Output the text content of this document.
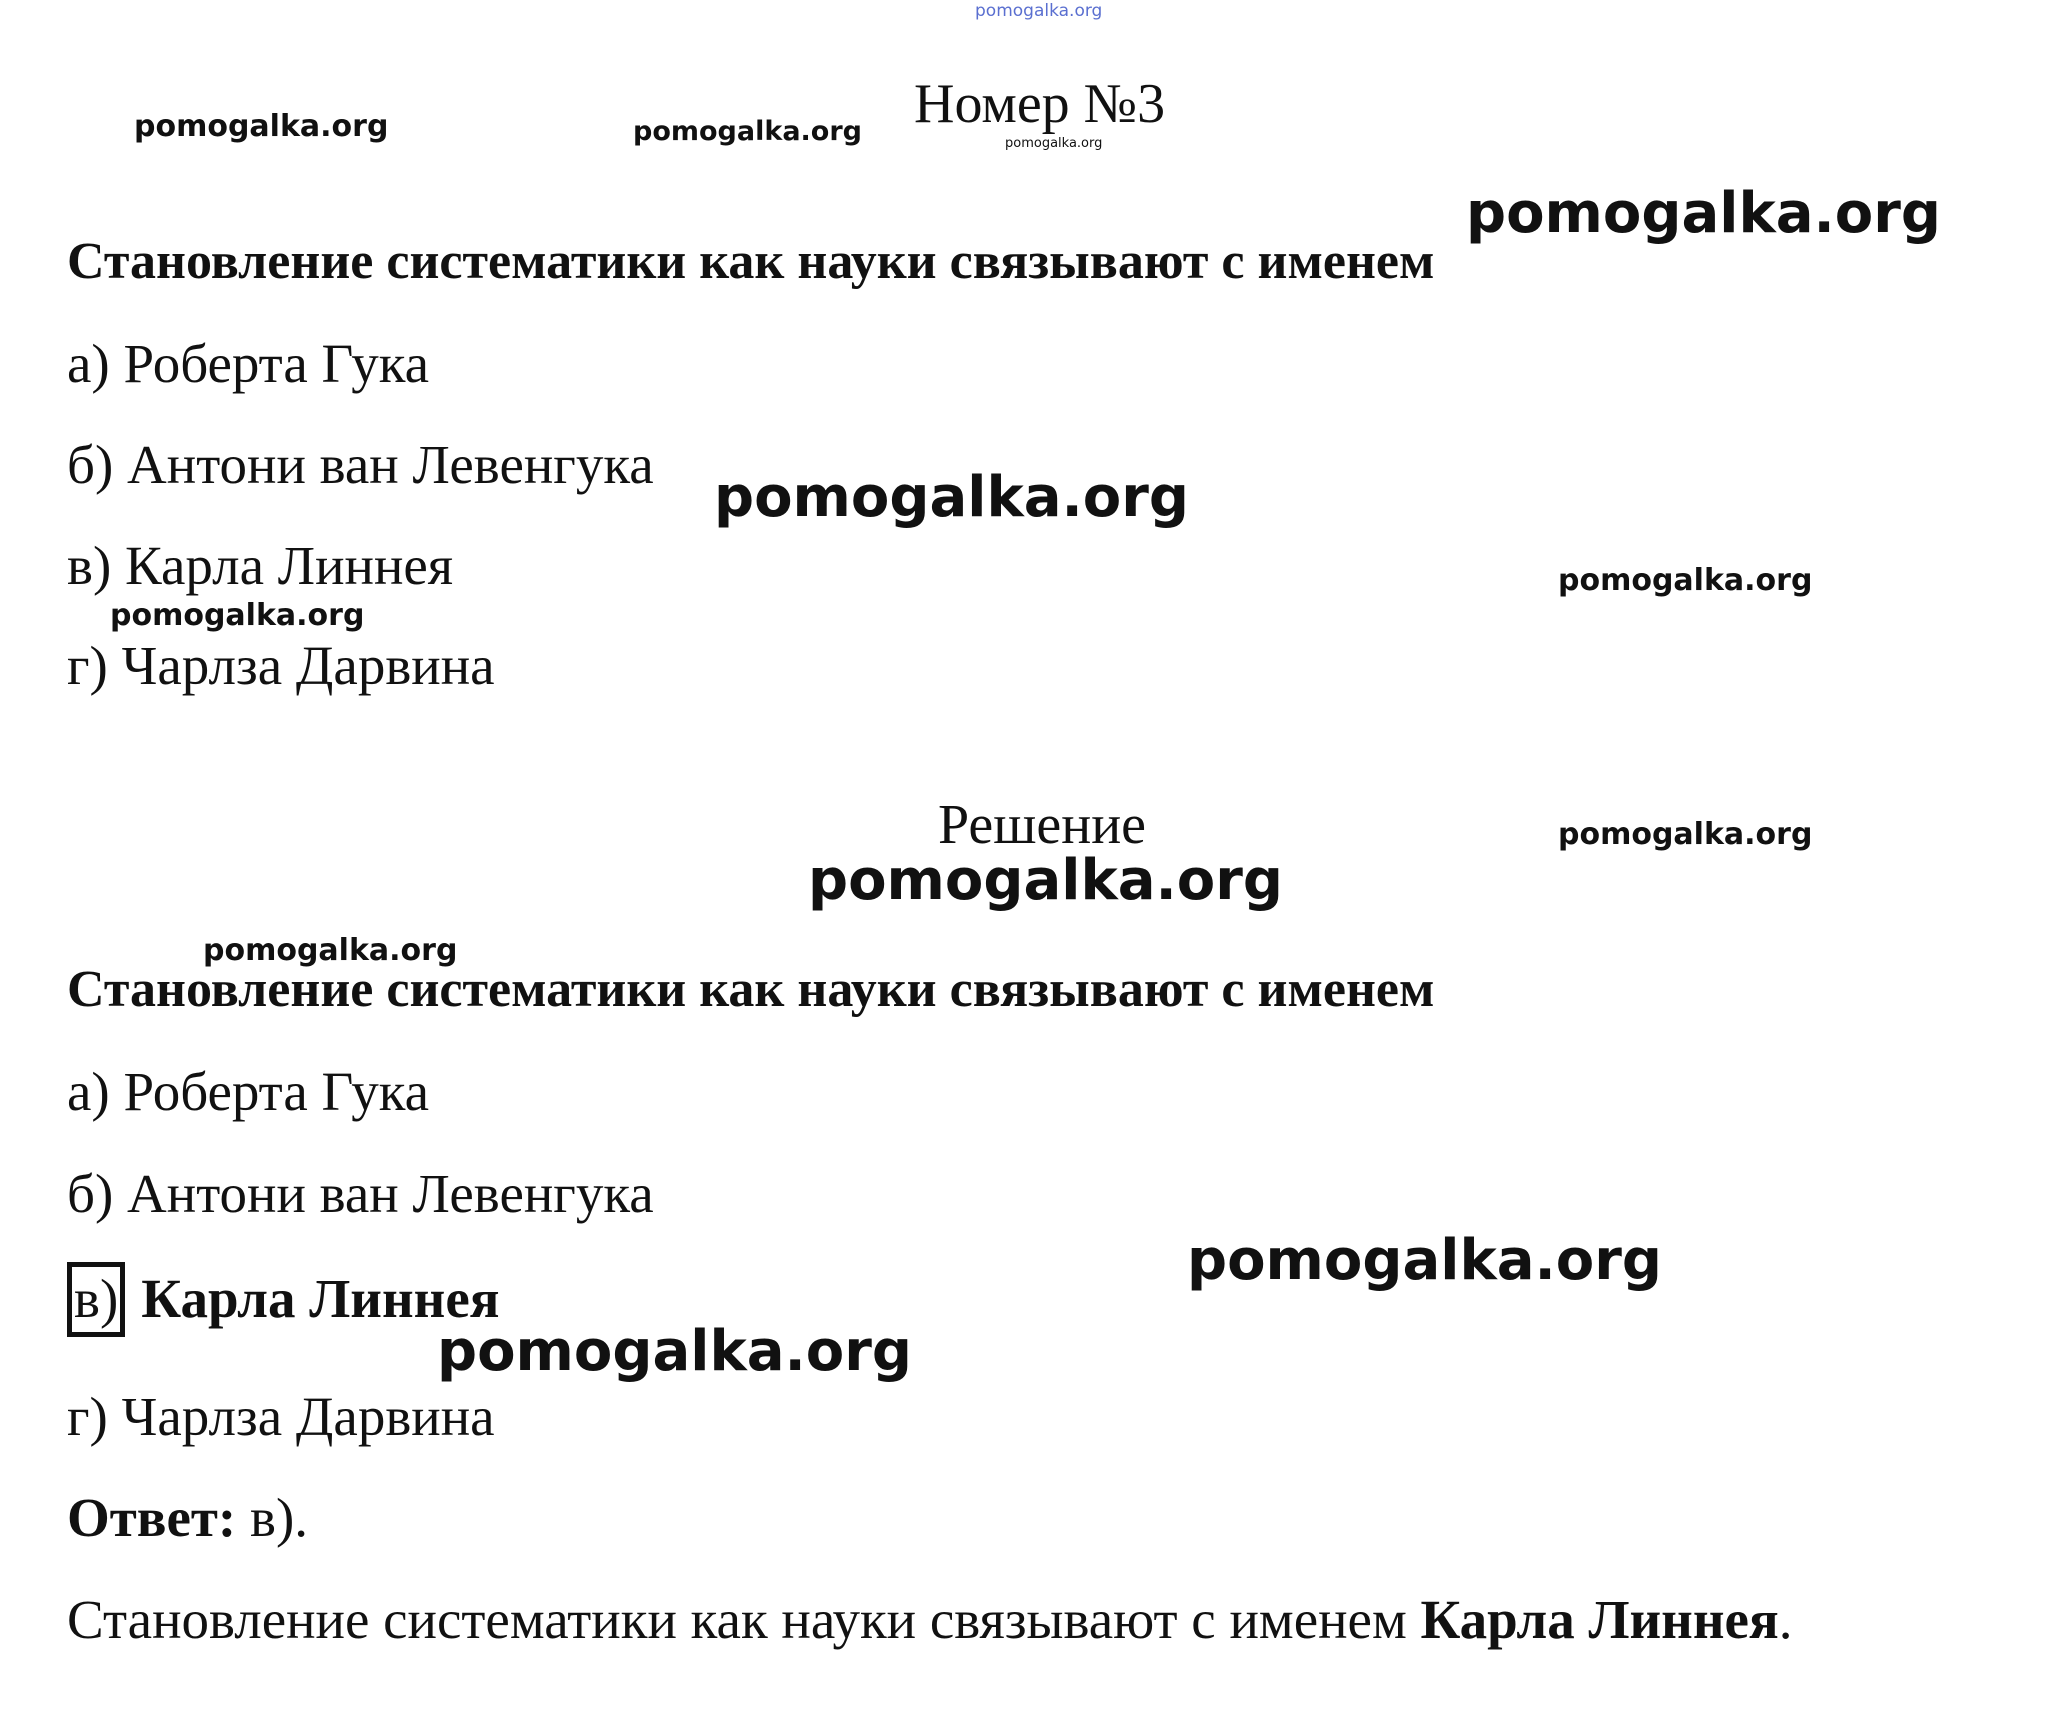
pomogalka.org
pomogalka.org	pomogalka.org	pomogalka.org
pomogalka.org
pomogalka.org
pomogalka.org
pomogalka.org
pomogalka.org
pomogalka.org
pomogalka.org
pomogalka.org
pomogalka.org
Номер №3
Становление систематики как науки связывают с именем
а) Роберта Гука
б) Антони ван Левенгука
в) Карла Линнея
г) Чарлза Дарвина
Решение
Становление систематики как науки связывают с именем
а) Роберта Гука
б) Антони ван Левенгука
в) Карла Линнея
г) Чарлза Дарвина
Ответ: в).
Становление систематики как науки связывают с именем Карла Линнея.
